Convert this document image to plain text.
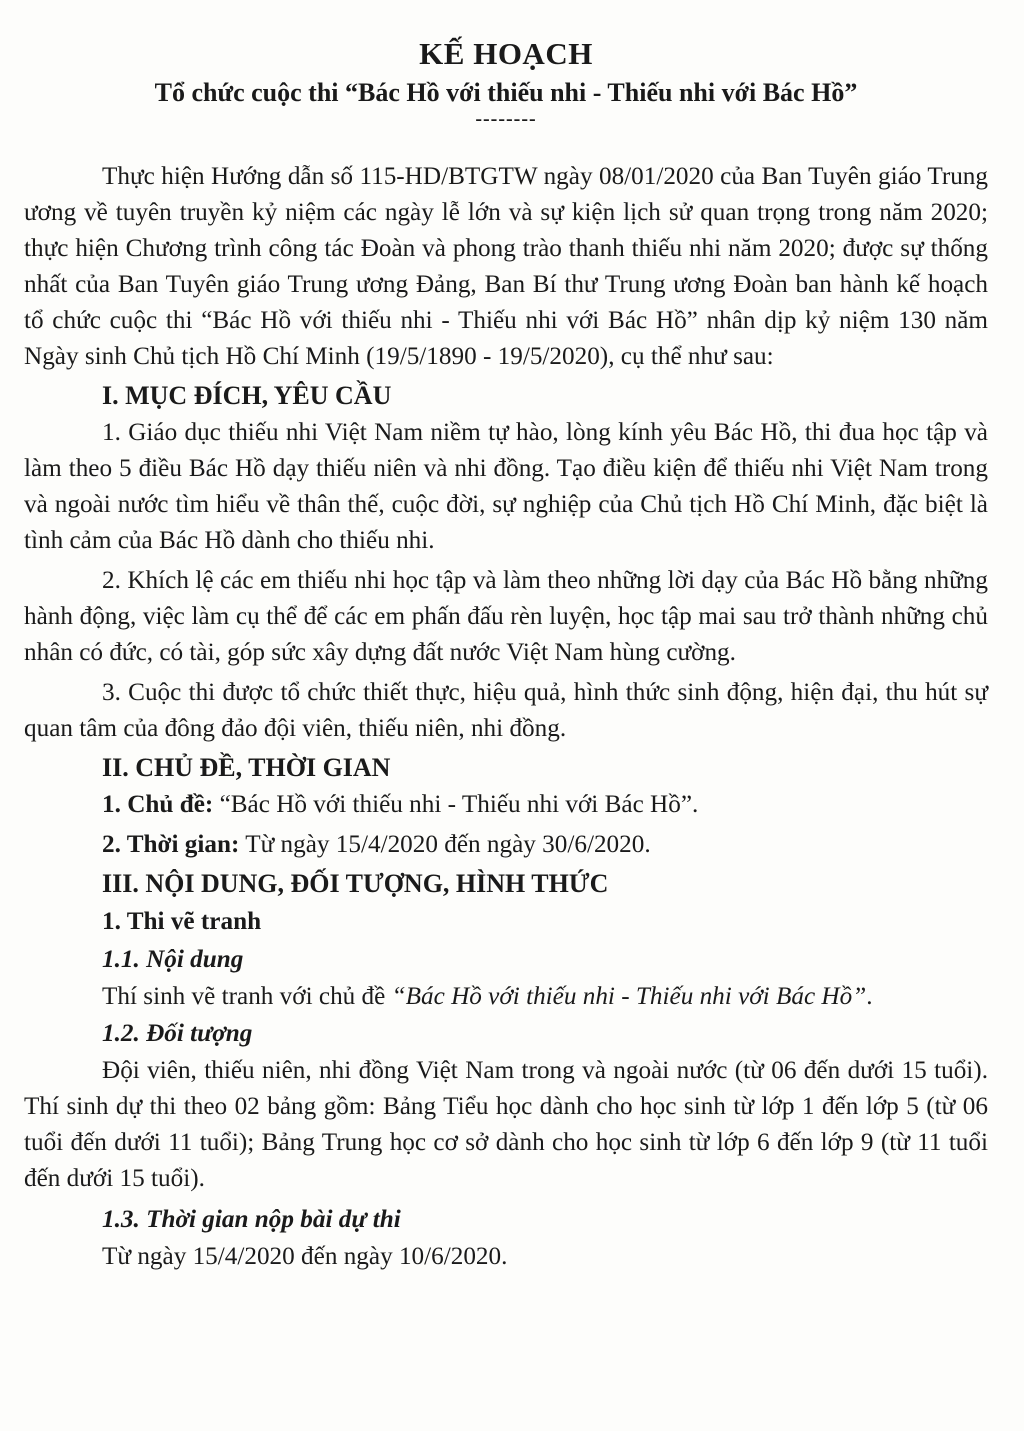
KẾ HOẠCH
Tổ chức cuộc thi “Bác Hồ với thiếu nhi - Thiếu nhi với Bác Hồ”
--------

Thực hiện Hướng dẫn số 115-HD/BTGTW ngày 08/01/2020 của Ban Tuyên giáo Trung ương về tuyên truyền kỷ niệm các ngày lễ lớn và sự kiện lịch sử quan trọng trong năm 2020; thực hiện Chương trình công tác Đoàn và phong trào thanh thiếu nhi năm 2020; được sự thống nhất của Ban Tuyên giáo Trung ương Đảng, Ban Bí thư Trung ương Đoàn ban hành kế hoạch tổ chức cuộc thi “Bác Hồ với thiếu nhi - Thiếu nhi với Bác Hồ” nhân dịp kỷ niệm 130 năm Ngày sinh Chủ tịch Hồ Chí Minh (19/5/1890 - 19/5/2020), cụ thể như sau:

I. MỤC ĐÍCH, YÊU CẦU

1. Giáo dục thiếu nhi Việt Nam niềm tự hào, lòng kính yêu Bác Hồ, thi đua học tập và làm theo 5 điều Bác Hồ dạy thiếu niên và nhi đồng. Tạo điều kiện để thiếu nhi Việt Nam trong và ngoài nước tìm hiểu về thân thế, cuộc đời, sự nghiệp của Chủ tịch Hồ Chí Minh, đặc biệt là tình cảm của Bác Hồ dành cho thiếu nhi.

2. Khích lệ các em thiếu nhi học tập và làm theo những lời dạy của Bác Hồ bằng những hành động, việc làm cụ thể để các em phấn đấu rèn luyện, học tập mai sau trở thành những chủ nhân có đức, có tài, góp sức xây dựng đất nước Việt Nam hùng cường.

3. Cuộc thi được tổ chức thiết thực, hiệu quả, hình thức sinh động, hiện đại, thu hút sự quan tâm của đông đảo đội viên, thiếu niên, nhi đồng.

II. CHỦ ĐỀ, THỜI GIAN

1. Chủ đề: “Bác Hồ với thiếu nhi - Thiếu nhi với Bác Hồ”.

2. Thời gian: Từ ngày 15/4/2020 đến ngày 30/6/2020.

III. NỘI DUNG, ĐỐI TƯỢNG, HÌNH THỨC
1. Thi vẽ tranh
1.1. Nội dung

Thí sinh vẽ tranh với chủ đề “Bác Hồ với thiếu nhi - Thiếu nhi với Bác Hồ”.

1.2. Đối tượng

Đội viên, thiếu niên, nhi đồng Việt Nam trong và ngoài nước (từ 06 đến dưới 15 tuổi). Thí sinh dự thi theo 02 bảng gồm: Bảng Tiểu học dành cho học sinh từ lớp 1 đến lớp 5 (từ 06 tuổi đến dưới 11 tuổi); Bảng Trung học cơ sở dành cho học sinh từ lớp 6 đến lớp 9 (từ 11 tuổi đến dưới 15 tuổi).

1.3. Thời gian nộp bài dự thi

Từ ngày 15/4/2020 đến ngày 10/6/2020.
